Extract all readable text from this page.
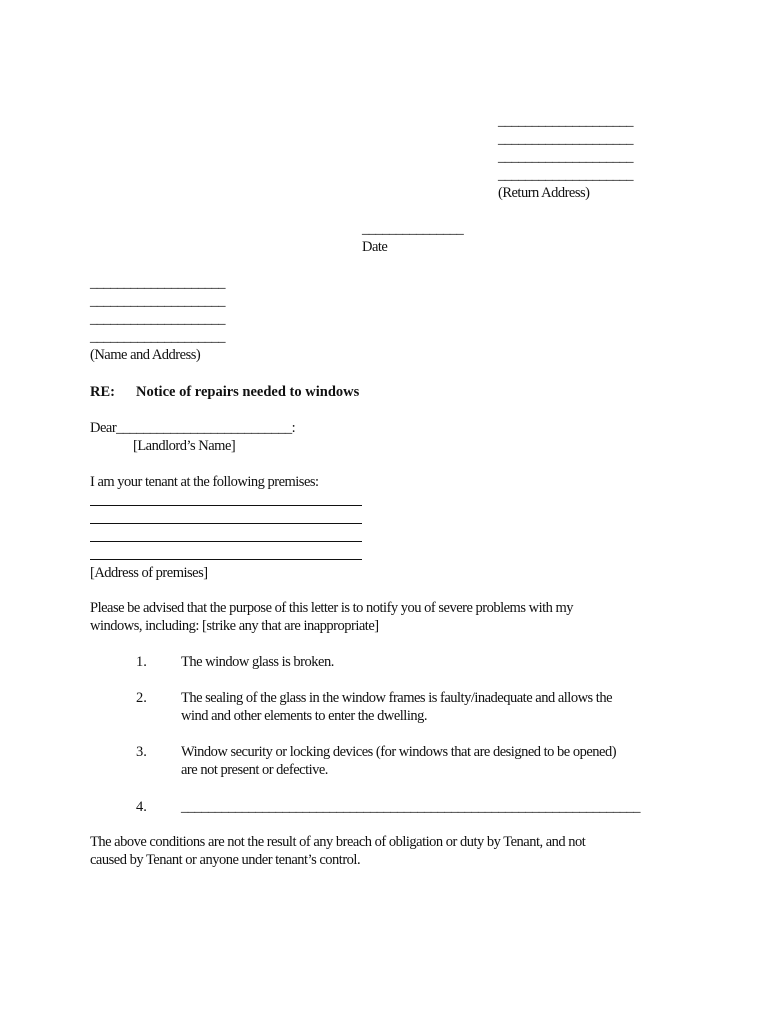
____________________
____________________
____________________
____________________
(Return Address)
_______________
Date
____________________
____________________
____________________
____________________
(Name and Address)
RE: Notice of repairs needed to windows
Dear__________________________:
[Landlord’s Name]
I am your tenant at the following premises:
[Address of premises]
Please be advised that the purpose of this letter is to notify you of severe problems with my
windows, including: [strike any that are inappropriate]
1. The window glass is broken.
2. The sealing of the glass in the window frames is faulty/inadequate and allows the
wind and other elements to enter the dwelling.
3. Window security or locking devices (for windows that are designed to be opened)
are not present or defective.
4. ____________________________________________________________________
The above conditions are not the result of any breach of obligation or duty by Tenant, and not
caused by Tenant or anyone under tenant’s control.
